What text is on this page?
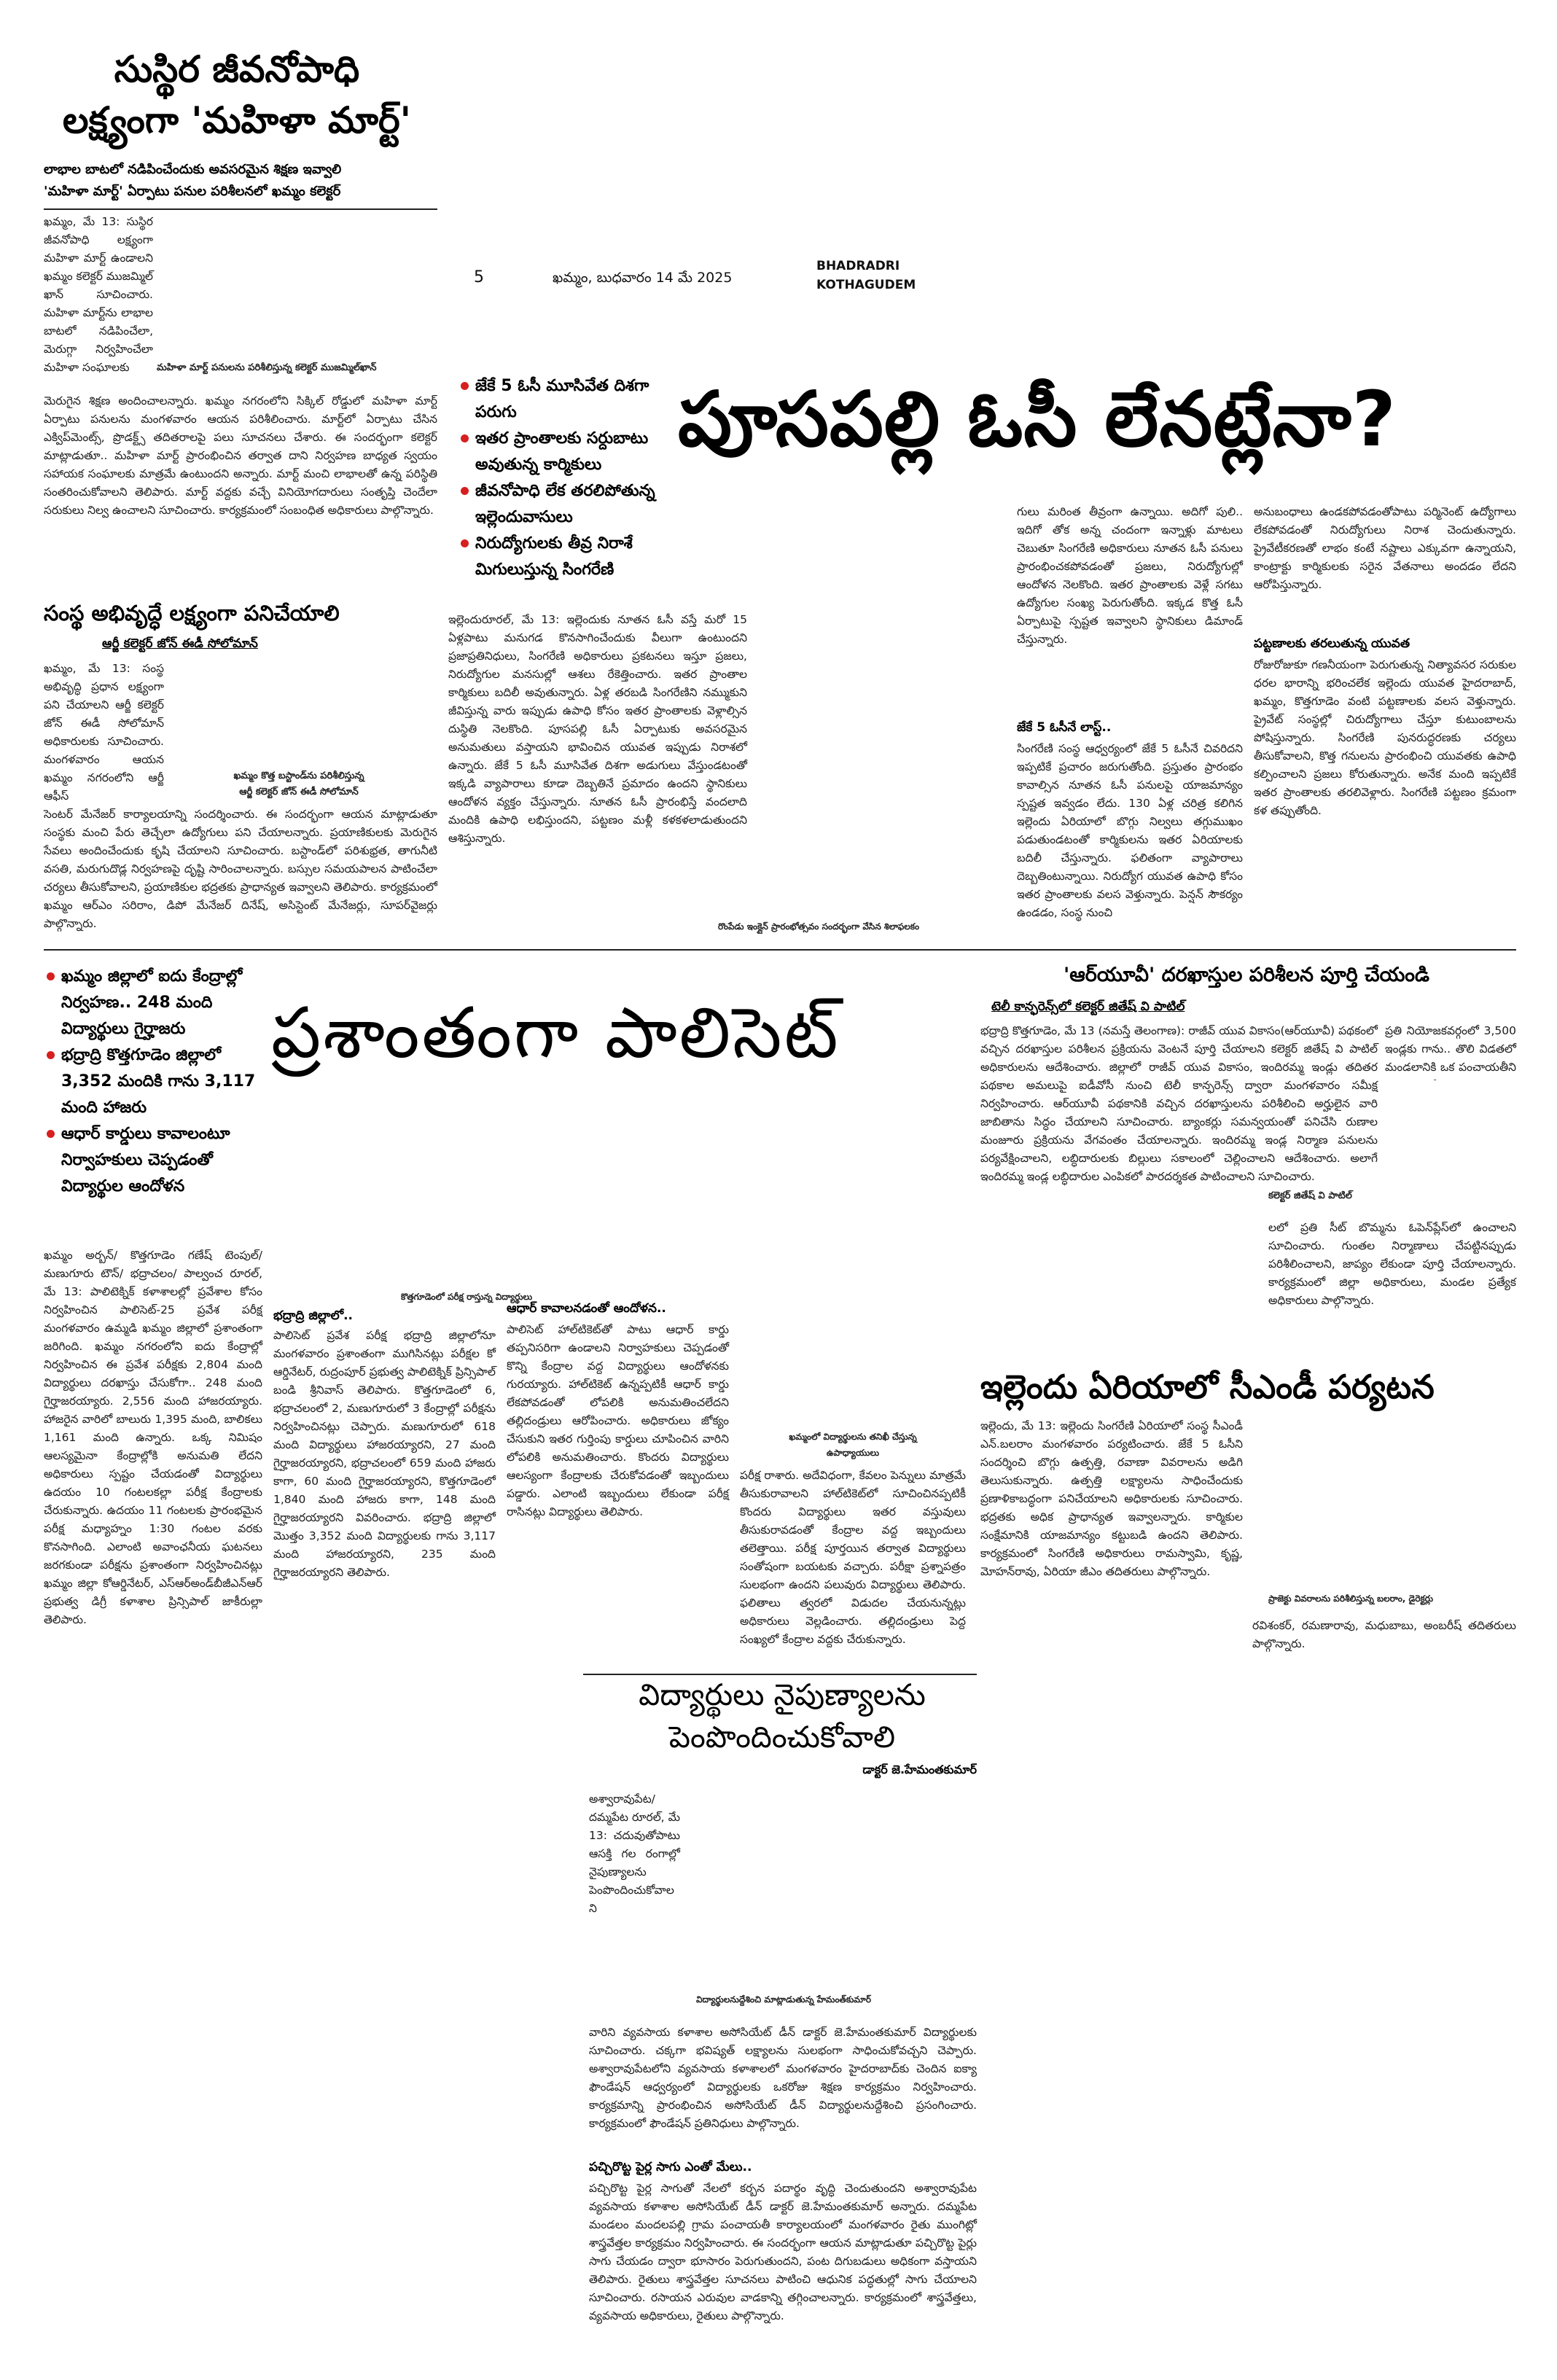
5	ఖమ్మం, బుధవారం 14 మే 2025
BHADRADRI
KOTHAGUDEM
సుస్థిర జీవనోపాధి
లక్ష్యంగా 'మహిళా మార్ట్'
లాభాల బాటలో నడిపించేందుకు అవసరమైన శిక్షణ ఇవ్వాలి
'మహిళా మార్ట్' ఏర్పాటు పనుల పరిశీలనలో ఖమ్మం కలెక్టర్
ఖమ్మం, మే 13: సుస్థిర జీవనోపాధి లక్ష్యంగా మహిళా మార్ట్ ఉండాలని ఖమ్మం కలెక్టర్ ముజమ్మిల్ ఖాన్ సూచించారు. మహిళా మార్ట్‌ను లాభాల బాటలో నడిపించేలా, మెరుగ్గా నిర్వహించేలా మహిళా సంఘాలకు	మహిళా మార్ట్ పనులను పరిశీలిస్తున్న కలెక్టర్ ముజమ్మిల్‌ఖాన్
మెరుగైన శిక్షణ అందించాలన్నారు. ఖమ్మం నగరంలోని సిక్కిల్ రోడ్డులో మహిళా మార్ట్ ఏర్పాటు పనులను మంగళవారం ఆయన పరిశీలించారు. మార్ట్‌లో ఏర్పాటు చేసిన ఎక్విప్‌మెంట్స్, ప్రొడక్ట్స్ తదితరాలపై పలు సూచనలు చేశారు. ఈ సందర్భంగా కలెక్టర్ మాట్లాడుతూ.. మహిళా మార్ట్ ప్రారంభించిన తర్వాత దాని నిర్వహణ బాధ్యత స్వయం సహాయక సంఘాలకు మాత్రమే ఉంటుందని అన్నారు. మార్ట్ మంచి లాభాలతో ఉన్న పరిస్థితి సంతరించుకోవాలని తెలిపారు. మార్ట్ వద్దకు వచ్చే వినియోగదారులు సంతృప్తి చెందేలా సరుకులు నిల్వ ఉంచాలని సూచించారు. కార్యక్రమంలో సంబంధిత అధికారులు పాల్గొన్నారు.
సంస్థ అభివృద్ధే లక్ష్యంగా పనిచేయాలి
ఆర్జీ కలెక్టర్ జోన్ ఈడీ సోలోమాన్
ఖమ్మం, మే 13: సంస్థ అభివృద్ధి ప్రధాన లక్ష్యంగా పని చేయాలని ఆర్జీ కలెక్టర్ జోన్ ఈడీ సోలోమాన్ అధికారులకు సూచించారు. మంగళవారం ఆయన ఖమ్మం నగరంలోని ఆర్జీ ఆఫీస్
ఖమ్మం కొత్త బస్టాండ్‌ను పరిశీలిస్తున్న
ఆర్జీ కలెక్టర్ జోన్ ఈడీ సోలోమాన్
సెంటర్ మేనేజర్ కార్యాలయాన్ని సందర్శించారు. ఈ సందర్భంగా ఆయన మాట్లాడుతూ సంస్థకు మంచి పేరు తెచ్చేలా ఉద్యోగులు పని చేయాలన్నారు. ప్రయాణికులకు మెరుగైన సేవలు అందించేందుకు కృషి చేయాలని సూచించారు. బస్టాండ్‌లో పరిశుభ్రత, తాగునీటి వసతి, మరుగుదొడ్ల నిర్వహణపై దృష్టి సారించాలన్నారు. బస్సుల సమయపాలన పాటించేలా చర్యలు తీసుకోవాలని, ప్రయాణికుల భద్రతకు ప్రాధాన్యత ఇవ్వాలని తెలిపారు. కార్యక్రమంలో ఖమ్మం ఆర్‌ఎం సరిరాం, డిపో మేనేజర్ దినేష్, అసిస్టెంట్ మేనేజర్లు, సూపర్‌వైజర్లు పాల్గొన్నారు.
జేకే 5 ఓసీ మూసివేత దిశగా పరుగు
ఇతర ప్రాంతాలకు సర్దుబాటు అవుతున్న కార్మికులు
జీవనోపాధి లేక తరలిపోతున్న ఇల్లెందువాసులు
నిరుద్యోగులకు తీవ్ర నిరాశే మిగులుస్తున్న సింగరేణి
పూసపల్లి ఓసీ లేనట్లేనా?
ఇల్లెందురూరల్, మే 13: ఇల్లెందుకు నూతన ఓసీ వస్తే మరో 15 ఏళ్లపాటు మనుగడ కొనసాగించేందుకు వీలుగా ఉంటుందని ప్రజాప్రతినిధులు, సింగరేణి అధికారులు ప్రకటనలు ఇస్తూ ప్రజలు, నిరుద్యోగుల మనసుల్లో ఆశలు రేకెత్తించారు. ఇతర ప్రాంతాల కార్మికులు బదిలీ అవుతున్నారు. ఏళ్ల తరబడి సింగరేణిని నమ్ముకుని జీవిస్తున్న వారు ఇప్పుడు ఉపాధి కోసం ఇతర ప్రాంతాలకు వెళ్లాల్సిన దుస్థితి నెలకొంది. పూసపల్లి ఓసీ ఏర్పాటుకు అవసరమైన అనుమతులు వస్తాయని భావించిన యువత ఇప్పుడు నిరాశలో ఉన్నారు. జేకే 5 ఓసీ మూసివేత దిశగా అడుగులు వేస్తుండటంతో ఇక్కడి వ్యాపారాలు కూడా దెబ్బతినే ప్రమాదం ఉందని స్థానికులు ఆందోళన వ్యక్తం చేస్తున్నారు. నూతన ఓసీ ప్రారంభిస్తే వందలాది మందికి ఉపాధి లభిస్తుందని, పట్టణం మళ్లీ కళకళలాడుతుందని ఆశిస్తున్నారు.
గులు మరింత తీవ్రంగా ఉన్నాయి. అదిగో పులి.. ఇదిగో తోక అన్న చందంగా ఇన్నాళ్లు మాటలు చెబుతూ సింగరేణి అధికారులు నూతన ఓసీ పనులు ప్రారంభించకపోవడంతో ప్రజలు, నిరుద్యోగుల్లో ఆందోళన నెలకొంది. ఇతర ప్రాంతాలకు వెళ్లే సగటు ఉద్యోగుల సంఖ్య పెరుగుతోంది. ఇక్కడ కొత్త ఓసీ ఏర్పాటుపై స్పష్టత ఇవ్వాలని స్థానికులు డిమాండ్ చేస్తున్నారు.
జేకే 5 ఓసీనే లాస్ట్..
సింగరేణి సంస్థ ఆధ్వర్యంలో జేకే 5 ఓసీనే చివరిదని ఇప్పటికే ప్రచారం జరుగుతోంది. ప్రస్తుతం ప్రారంభం కావాల్సిన నూతన ఓసీ పనులపై యాజమాన్యం స్పష్టత ఇవ్వడం లేదు. 130 ఏళ్ల చరిత్ర కలిగిన ఇల్లెందు ఏరియాలో బొగ్గు నిల్వలు తగ్గుముఖం పడుతుండటంతో కార్మికులను ఇతర ఏరియాలకు బదిలీ చేస్తున్నారు. ఫలితంగా వ్యాపారాలు దెబ్బతింటున్నాయి. నిరుద్యోగ యువత ఉపాధి కోసం ఇతర ప్రాంతాలకు వలస వెళ్తున్నారు. పెన్షన్ సౌకర్యం ఉండడం, సంస్థ నుంచి
అనుబంధాలు ఉండకపోవడంతోపాటు పర్మినెంట్ ఉద్యోగాలు లేకపోవడంతో నిరుద్యోగులు నిరాశ చెందుతున్నారు. ప్రైవేటీకరణతో లాభం కంటే నష్టాలు ఎక్కువగా ఉన్నాయని, కాంట్రాక్టు కార్మికులకు సరైన వేతనాలు అందడం లేదని ఆరోపిస్తున్నారు.
పట్టణాలకు తరలుతున్న యువత
రోజురోజుకూ గణనీయంగా పెరుగుతున్న నిత్యావసర సరుకుల ధరల భారాన్ని భరించలేక ఇల్లెందు యువత హైదరాబాద్, ఖమ్మం, కొత్తగూడెం వంటి పట్టణాలకు వలస వెళ్తున్నారు. ప్రైవేట్ సంస్థల్లో చిరుద్యోగాలు చేస్తూ కుటుంబాలను పోషిస్తున్నారు. సింగరేణి పునరుద్ధరణకు చర్యలు తీసుకోవాలని, కొత్త గనులను ప్రారంభించి యువతకు ఉపాధి కల్పించాలని ప్రజలు కోరుతున్నారు. అనేక మంది ఇప్పటికే ఇతర ప్రాంతాలకు తరలివెళ్లారు. సింగరేణి పట్టణం క్రమంగా కళ తప్పుతోంది.
రొంపేడు ఇంక్లైన్ ప్రారంభోత్సవం సందర్భంగా వేసిన శిలాఫలకం
ఖమ్మం జిల్లాలో ఐదు కేంద్రాల్లో నిర్వహణ.. 248 మంది విద్యార్థులు గైర్హాజరు
భద్రాద్రి కొత్తగూడెం జిల్లాలో 3,352 మందికి గాను 3,117 మంది హాజరు
ఆధార్ కార్డులు కావాలంటూ నిర్వాహకులు చెప్పడంతో విద్యార్థుల ఆందోళన
ప్రశాంతంగా పాలిసెట్
కొత్తగూడెంలో పరీక్ష రాస్తున్న విద్యార్థులు
ఖమ్మం అర్బన్/ కొత్తగూడెం గణేష్ టెంపుల్/ మణుగూరు టౌన్/ భద్రాచలం/ పాల్వంచ రూరల్, మే 13: పాలిటెక్నిక్ కళాశాలల్లో ప్రవేశాల కోసం నిర్వహించిన పాలిసెట్-25 ప్రవేశ పరీక్ష మంగళవారం ఉమ్మడి ఖమ్మం జిల్లాలో ప్రశాంతంగా జరిగింది. ఖమ్మం నగరంలోని ఐదు కేంద్రాల్లో నిర్వహించిన ఈ ప్రవేశ పరీక్షకు 2,804 మంది విద్యార్థులు దరఖాస్తు చేసుకోగా.. 248 మంది గైర్హాజరయ్యారు. 2,556 మంది హాజరయ్యారు. హాజరైన వారిలో బాలురు 1,395 మంది, బాలికలు 1,161 మంది ఉన్నారు. ఒక్క నిమిషం ఆలస్యమైనా కేంద్రాల్లోకి అనుమతి లేదని అధికారులు స్పష్టం చేయడంతో విద్యార్థులు ఉదయం 10 గంటలకల్లా పరీక్ష కేంద్రాలకు చేరుకున్నారు. ఉదయం 11 గంటలకు ప్రారంభమైన పరీక్ష మధ్యాహ్నం 1:30 గంటల వరకు కొనసాగింది. ఎలాంటి అవాంఛనీయ ఘటనలు జరగకుండా పరీక్షను ప్రశాంతంగా నిర్వహించినట్లు ఖమ్మం జిల్లా కోఆర్డినేటర్, ఎస్‌ఆర్‌అండ్‌బీజీఎన్‌ఆర్ ప్రభుత్వ డిగ్రీ కళాశాల ప్రిన్సిపాల్ జాకీరుల్లా తెలిపారు.
భద్రాద్రి జిల్లాలో..
పాలిసెట్ ప్రవేశ పరీక్ష భద్రాద్రి జిల్లాలోనూ మంగళవారం ప్రశాంతంగా ముగిసినట్లు పరీక్షల కో ఆర్డినేటర్, రుద్రంపూర్ ప్రభుత్వ పాలిటెక్నిక్ ప్రిన్సిపాల్ బండి శ్రీనివాస్ తెలిపారు. కొత్తగూడెంలో 6, భద్రాచలంలో 2, మణుగూరులో 3 కేంద్రాల్లో పరీక్షను నిర్వహించినట్లు చెప్పారు. మణుగూరులో 618 మంది విద్యార్థులు హాజరయ్యారని, 27 మంది గైర్హాజరయ్యారని, భద్రాచలంలో 659 మంది హాజరు కాగా, 60 మంది గైర్హాజరయ్యారని, కొత్తగూడెంలో 1,840 మంది హాజరు కాగా, 148 మంది గైర్హాజరయ్యారని వివరించారు. భద్రాద్రి జిల్లాలో మొత్తం 3,352 మంది విద్యార్థులకు గాను 3,117 మంది హాజరయ్యారని, 235 మంది గైర్హాజరయ్యారని తెలిపారు.
ఆధార్ కావాలనడంతో ఆందోళన..
పాలిసెట్ హాల్‌టికెట్‌తో పాటు ఆధార్ కార్డు తప్పనిసరిగా ఉండాలని నిర్వాహకులు చెప్పడంతో కొన్ని కేంద్రాల వద్ద విద్యార్థులు ఆందోళనకు గురయ్యారు. హాల్‌టికెట్ ఉన్నప్పటికీ ఆధార్ కార్డు లేకపోవడంతో లోపలికి అనుమతించలేదని తల్లిదండ్రులు ఆరోపించారు. అధికారులు జోక్యం చేసుకుని ఇతర గుర్తింపు కార్డులు చూపించిన వారిని లోపలికి అనుమతించారు. కొందరు విద్యార్థులు ఆలస్యంగా కేంద్రాలకు చేరుకోవడంతో ఇబ్బందులు పడ్డారు. ఎలాంటి ఇబ్బందులు లేకుండా పరీక్ష రాసినట్లు విద్యార్థులు తెలిపారు.
ఖమ్మంలో విద్యార్థులను తనిఖీ చేస్తున్న
ఉపాధ్యాయులు
పరీక్ష రాశారు. అదేవిధంగా, కేవలం పెన్నులు మాత్రమే తీసుకురావాలని హాల్‌టికెట్‌లో సూచించినప్పటికీ కొందరు విద్యార్థులు ఇతర వస్తువులు తీసుకురావడంతో కేంద్రాల వద్ద ఇబ్బందులు తలెత్తాయి. పరీక్ష పూర్తయిన తర్వాత విద్యార్థులు సంతోషంగా బయటకు వచ్చారు. పరీక్షా ప్రశ్నాపత్రం సులభంగా ఉందని పలువురు విద్యార్థులు తెలిపారు. ఫలితాలు త్వరలో విడుదల చేయనున్నట్లు అధికారులు వెల్లడించారు. తల్లిదండ్రులు పెద్ద సంఖ్యలో కేంద్రాల వద్దకు చేరుకున్నారు.
'ఆర్‌యూవీ' దరఖాస్తుల పరిశీలన పూర్తి చేయండి
టెలీ కాన్ఫరెన్స్‌లో కలెక్టర్ జితేష్ వి పాటిల్
భద్రాద్రి కొత్తగూడెం, మే 13 (నమస్తే తెలంగాణ): రాజీవ్ యువ వికాసం(ఆర్‌యూవీ) పథకంలో వచ్చిన దరఖాస్తుల పరిశీలన ప్రక్రియను వెంటనే పూర్తి చేయాలని కలెక్టర్ జితేష్ వి పాటిల్ అధికారులను ఆదేశించారు. జిల్లాలో రాజీవ్ యువ వికాసం, ఇందిరమ్మ ఇండ్లు తదితర పథకాల అమలుపై ఐడీవోసీ నుంచి టెలీ కాన్ఫరెన్స్ ద్వారా మంగళవారం సమీక్ష నిర్వహించారు. ఆర్‌యూవీ పథకానికి వచ్చిన దరఖాస్తులను పరిశీలించి అర్హులైన వారి జాబితాను సిద్ధం చేయాలని సూచించారు. బ్యాంకర్లు సమన్వయంతో పనిచేసి రుణాల మంజూరు ప్రక్రియను వేగవంతం చేయాలన్నారు. ఇందిరమ్మ ఇండ్ల నిర్మాణ పనులను పర్యవేక్షించాలని, లబ్ధిదారులకు బిల్లులు సకాలంలో చెల్లించాలని ఆదేశించారు. అలాగే ఇందిరమ్మ ఇండ్ల లబ్ధిదారుల ఎంపికలో పారదర్శకత పాటించాలని సూచించారు.
ప్రతి నియోజకవర్గంలో 3,500 ఇండ్లకు గాను.. తొలి విడతలో మండలానికి ఒక పంచాయతీని
కలెక్టర్ జితేష్ వి పాటిల్
లలో ప్రతి సీట్ బొమ్మను ఓపెన్‌ప్లేస్‌లో ఉంచాలని సూచించారు. గుంతల నిర్మాణాలు చేపట్టినప్పుడు పరిశీలించాలని, జాప్యం లేకుండా పూర్తి చేయాలన్నారు. కార్యక్రమంలో జిల్లా అధికారులు, మండల ప్రత్యేక అధికారులు పాల్గొన్నారు.
ఇల్లెందు ఏరియాలో సీఎండీ పర్యటన
ఇల్లెందు, మే 13: ఇల్లెందు సింగరేణి ఏరియాలో సంస్థ సీఎండీ ఎన్.బలరాం మంగళవారం పర్యటించారు. జేకే 5 ఓసీని సందర్శించి బొగ్గు ఉత్పత్తి, రవాణా వివరాలను అడిగి తెలుసుకున్నారు. ఉత్పత్తి లక్ష్యాలను సాధించేందుకు ప్రణాళికాబద్ధంగా పనిచేయాలని అధికారులకు సూచించారు. భద్రతకు అధిక ప్రాధాన్యత ఇవ్వాలన్నారు. కార్మికుల సంక్షేమానికి యాజమాన్యం కట్టుబడి ఉందని తెలిపారు. కార్యక్రమంలో సింగరేణి అధికారులు రామస్వామి, కృష్ణ, మోహన్‌రావు, ఏరియా జీఎం తదితరులు పాల్గొన్నారు.
ప్రాజెక్టు వివరాలను పరిశీలిస్తున్న బలరాం, డైరెక్టర్లు
రవిశంకర్, రమణారావు, మధుబాబు, అంబరీష్ తదితరులు పాల్గొన్నారు.
విద్యార్థులు నైపుణ్యాలను
పెంపొందించుకోవాలి
డాక్టర్ జె.హేమంతకుమార్
అశ్వారావుపేట/ దమ్మపేట రూరల్, మే 13: చదువుతోపాటు ఆసక్తి గల రంగాల్లో నైపుణ్యాలను పెంపొందించుకోవాలని
విద్యార్థులనుద్దేశించి మాట్లాడుతున్న హేమంత్‌కుమార్
వారిని వ్యవసాయ కళాశాల అసోసియేట్ డీన్ డాక్టర్ జె.హేమంతకుమార్ విద్యార్థులకు సూచించారు. చక్కగా భవిష్యత్ లక్ష్యాలను సులభంగా సాధించుకోవచ్చని చెప్పారు. అశ్వారావుపేటలోని వ్యవసాయ కళాశాలలో మంగళవారం హైదరాబాద్‌కు చెందిన ఐక్యా ఫౌండేషన్ ఆధ్వర్యంలో విద్యార్థులకు ఒకరోజు శిక్షణ కార్యక్రమం నిర్వహించారు. కార్యక్రమాన్ని ప్రారంభించిన అసోసియేట్ డీన్ విద్యార్థులనుద్దేశించి ప్రసంగించారు. కార్యక్రమంలో ఫౌండేషన్ ప్రతినిధులు పాల్గొన్నారు.
పచ్చిరొట్ట పైర్ల సాగు ఎంతో మేలు..
పచ్చిరొట్ట పైర్ల సాగుతో నేలలో కర్బన పదార్థం వృద్ధి చెందుతుందని అశ్వారావుపేట వ్యవసాయ కళాశాల అసోసియేట్ డీన్ డాక్టర్ జె.హేమంతకుమార్ అన్నారు. దమ్మపేట మండలం మందలపల్లి గ్రామ పంచాయతీ కార్యాలయంలో మంగళవారం రైతు ముంగిట్లో శాస్త్రవేత్తల కార్యక్రమం నిర్వహించారు. ఈ సందర్భంగా ఆయన మాట్లాడుతూ పచ్చిరొట్ట పైర్లు సాగు చేయడం ద్వారా భూసారం పెరుగుతుందని, పంట దిగుబడులు అధికంగా వస్తాయని తెలిపారు. రైతులు శాస్త్రవేత్తల సూచనలు పాటించి ఆధునిక పద్ధతుల్లో సాగు చేయాలని సూచించారు. రసాయన ఎరువుల వాడకాన్ని తగ్గించాలన్నారు. కార్యక్రమంలో శాస్త్రవేత్తలు, వ్యవసాయ అధికారులు, రైతులు పాల్గొన్నారు.
